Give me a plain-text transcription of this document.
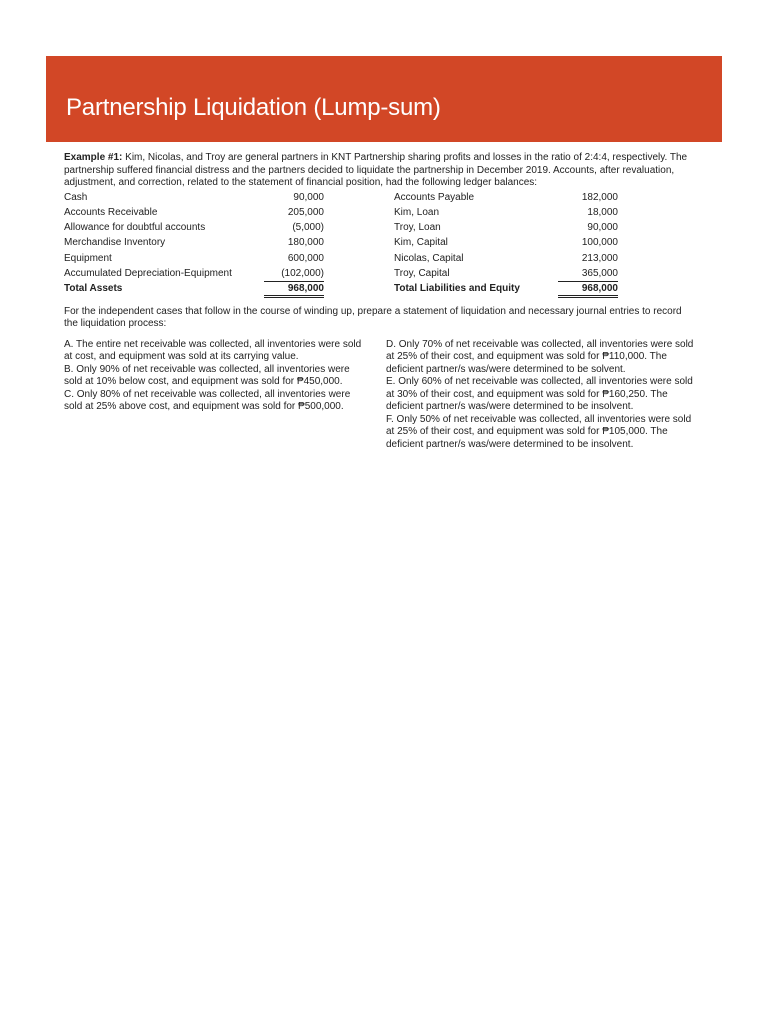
Partnership Liquidation (Lump-sum)

Example #1: Kim, Nicolas, and Troy are general partners in KNT Partnership sharing profits and losses in the ratio of 2:4:4, respectively. The partnership suffered financial distress and the partners decided to liquidate the partnership in December 2019. Accounts, after revaluation, adjustment, and correction, related to the statement of financial position, had the following ledger balances:

Cash	90,000
Accounts Receivable	205,000
Allowance for doubtful accounts	(5,000)
Merchandise Inventory	180,000
Equipment	600,000
Accumulated Depreciation-Equipment	(102,000)
Total Assets	968,000
Accounts Payable	182,000
Kim, Loan	18,000
Troy, Loan	90,000
Kim, Capital	100,000
Nicolas, Capital	213,000
Troy, Capital	365,000
Total Liabilities and Equity	968,000

For the independent cases that follow in the course of winding up, prepare a statement of liquidation and necessary journal entries to record the liquidation process:

A. The entire net receivable was collected, all inventories were sold at cost, and equipment was sold at its carrying value.

B. Only 90% of net receivable was collected, all inventories were sold at 10% below cost, and equipment was sold for ₱450,000.

C. Only 80% of net receivable was collected, all inventories were sold at 25% above cost, and equipment was sold for ₱500,000.

D. Only 70% of net receivable was collected, all inventories were sold at 25% of their cost, and equipment was sold for ₱110,000. The deficient partner/s was/were determined to be solvent.

E. Only 60% of net receivable was collected, all inventories were sold at 30% of their cost, and equipment was sold for ₱160,250. The deficient partner/s was/were determined to be insolvent.

F. Only 50% of net receivable was collected, all inventories were sold at 25% of their cost, and equipment was sold for ₱105,000. The deficient partner/s was/were determined to be insolvent.
